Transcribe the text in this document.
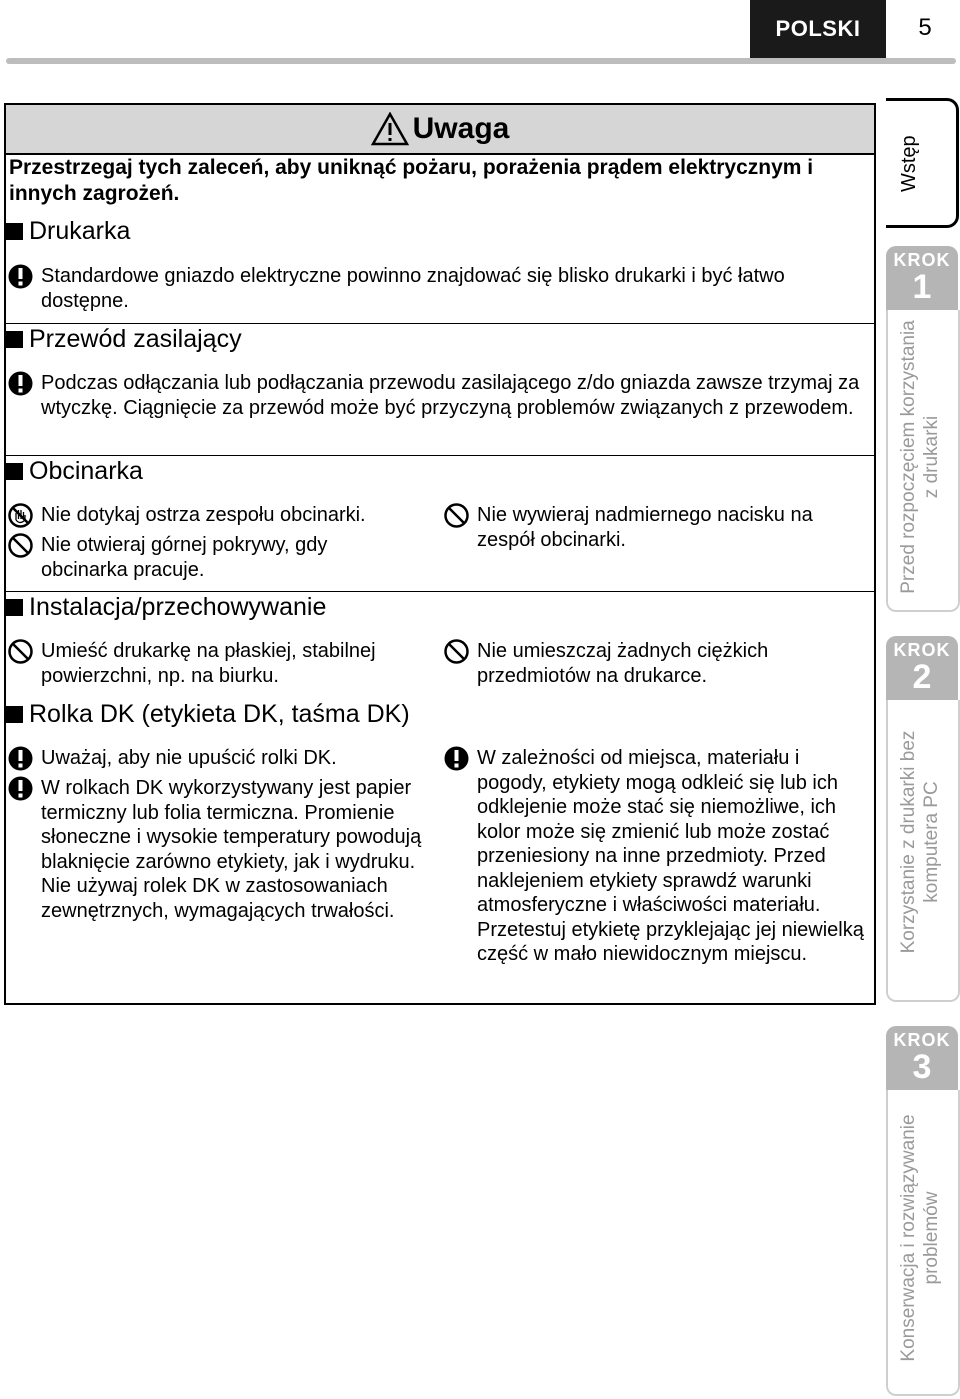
POLSKI	5
Uwaga
Przestrzegaj tych zaleceń, aby uniknąć pożaru, porażenia prądem elektrycznym i innych zagrożeń.
Drukarka
Standardowe gniazdo elektryczne powinno znajdować się blisko drukarki i być łatwo dostępne.
Przewód zasilający
Podczas odłączania lub podłączania przewodu zasilającego z/do gniazda zawsze trzymaj za wtyczkę. Ciągnięcie za przewód może być przyczyną problemów związanych z przewodem.
Obcinarka
Nie dotykaj ostrza zespołu obcinarki.
Nie otwieraj górnej pokrywy, gdy obcinarka pracuje.
Nie wywieraj nadmiernego nacisku na zespół obcinarki.
Instalacja/przechowywanie
Umieść drukarkę na płaskiej, stabilnej powierzchni, np. na biurku.
Nie umieszczaj żadnych ciężkich przedmiotów na drukarce.
Rolka DK (etykieta DK, taśma DK)
Uważaj, aby nie upuścić rolki DK.
W rolkach DK wykorzystywany jest papier termiczny lub folia termiczna. Promienie słoneczne i wysokie temperatury powodują blaknięcie zarówno etykiety, jak i wydruku. Nie używaj rolek DK w zastosowaniach zewnętrznych, wymagających trwałości.
W zależności od miejsca, materiału i pogody, etykiety mogą odkleić się lub ich odklejenie może stać się niemożliwe, ich kolor może się zmienić lub może zostać przeniesiony na inne przedmioty. Przed naklejeniem etykiety sprawdź warunki atmosferyczne i właściwości materiału. Przetestuj etykietę przyklejając jej niewielką część w mało niewidocznym miejscu.
Wstęp
KROK
1
Przed rozpoczęciem korzystania z drukarki
KROK
2
Korzystanie z drukarki bez komputera PC
KROK
3
Konserwacja i rozwiązywanie problemów
